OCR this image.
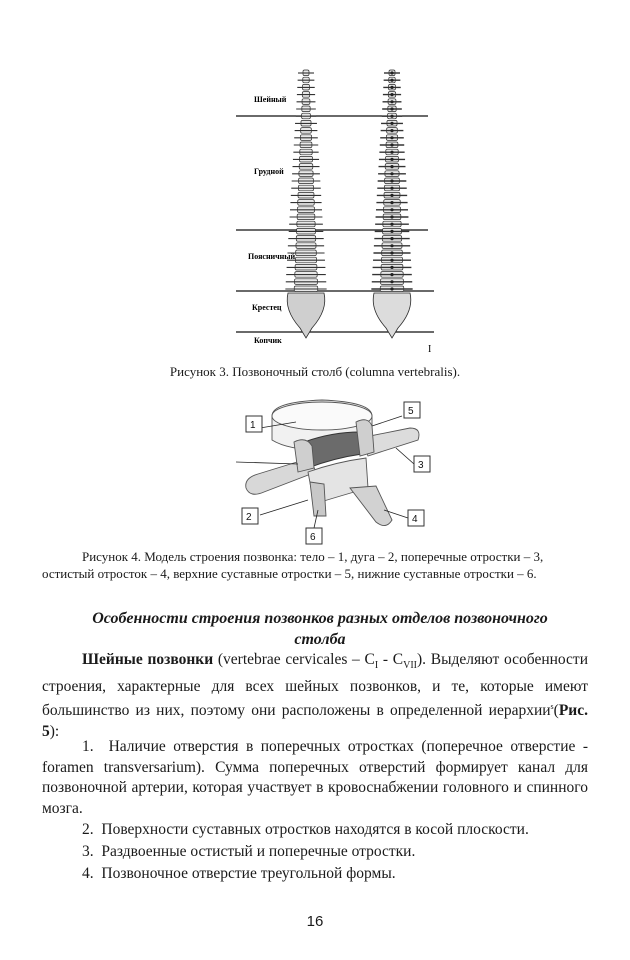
Шейный
Грудной
Поясничный
Крестец
Копчик
I
Рисунок 3. Позвоночный столб (columna vertebralis).
1
2
3
4
5
6
Рисунок 4. Модель строения позвонка: тело – 1, дуга – 2, поперечные отростки – 3,
остистый отросток – 4, верхние суставные отростки – 5, нижние суставные отростки – 6.
Особенности строения позвонков разных отделов позвоночного
столба
Шейные позвонки (vertebrae cervicales – $C_I - C_{VII}$). Выделяют особенности строения, характерные для всех шейных позвонков, и те, которые имеют большинство из них, поэтому они расположены в определенной иерархии$^s$(Рис. 5):
1. Наличие отверстия в поперечных отростках (поперечное отверстие - foramen transversarium). Сумма поперечных отверстий формирует канал для позвоночной артерии, которая участвует в кровоснабжении головного и спинного мозга.
2. Поверхности суставных отростков находятся в косой плоскости.
3. Раздвоенные остистый и поперечные отростки.
4. Позвоночное отверстие треугольной формы.
16
